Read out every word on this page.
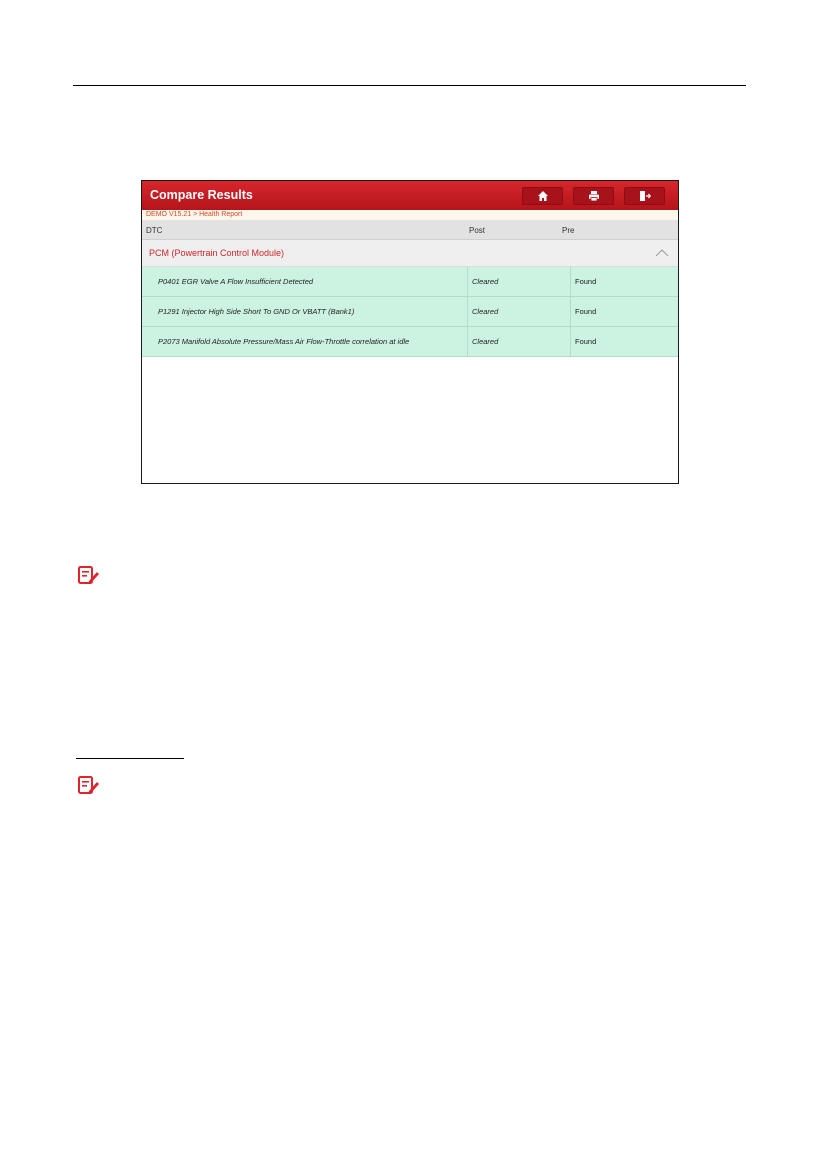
Compare Results
DEMO V15.21 > Health Report
DTC	Post	Pre
PCM (Powertrain Control Module)
P0401 EGR Valve A Flow Insufficient Detected	Cleared	Found
P1291 Injector High Side Short To GND Or VBATT (Bank1)	Cleared	Found
P2073 Manifold Absolute Pressure/Mass Air Flow-Throttle correlation at idle	Cleared	Found
